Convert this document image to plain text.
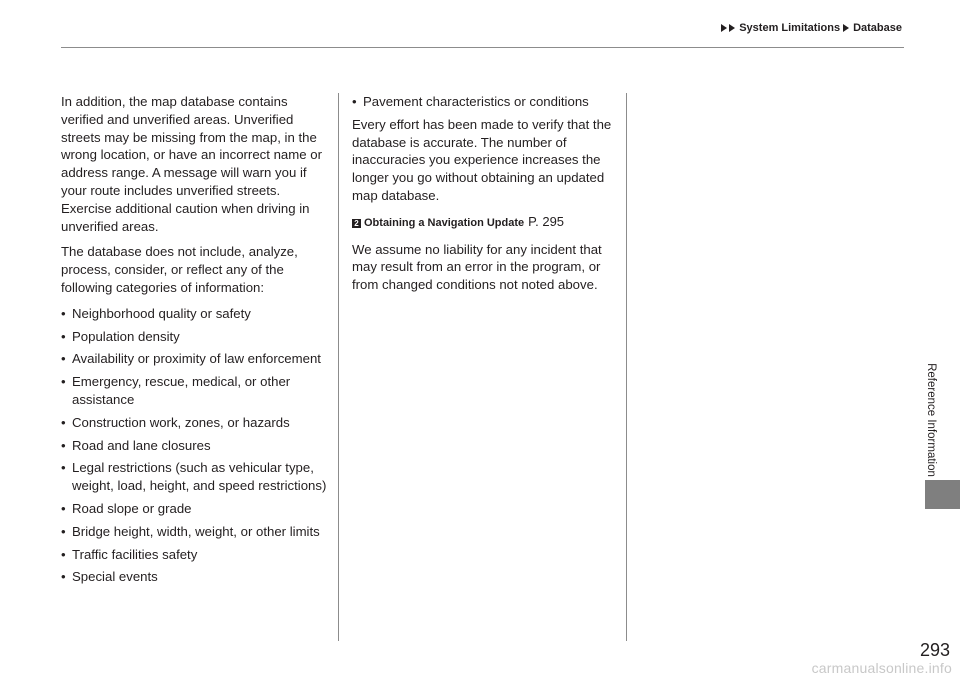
System Limitations Database

In addition, the map database contains verified and unverified areas. Unverified streets may be missing from the map, in the wrong location, or have an incorrect name or address range. A message will warn you if your route includes unverified streets. Exercise additional caution when driving in unverified areas.

The database does not include, analyze, process, consider, or reflect any of the following categories of information:

• Neighborhood quality or safety
• Population density
• Availability or proximity of law enforcement
• Emergency, rescue, medical, or other assistance
• Construction work, zones, or hazards
• Road and lane closures
• Legal restrictions (such as vehicular type, weight, load, height, and speed restrictions)
• Road slope or grade
• Bridge height, width, weight, or other limits
• Traffic facilities safety
• Special events
• Pavement characteristics or conditions

Every effort has been made to verify that the database is accurate. The number of inaccuracies you experience increases the longer you go without obtaining an updated map database.

2 Obtaining a Navigation Update P. 295

We assume no liability for any incident that may result from an error in the program, or from changed conditions not noted above.

Reference Information
293
carmanualsonline.info
